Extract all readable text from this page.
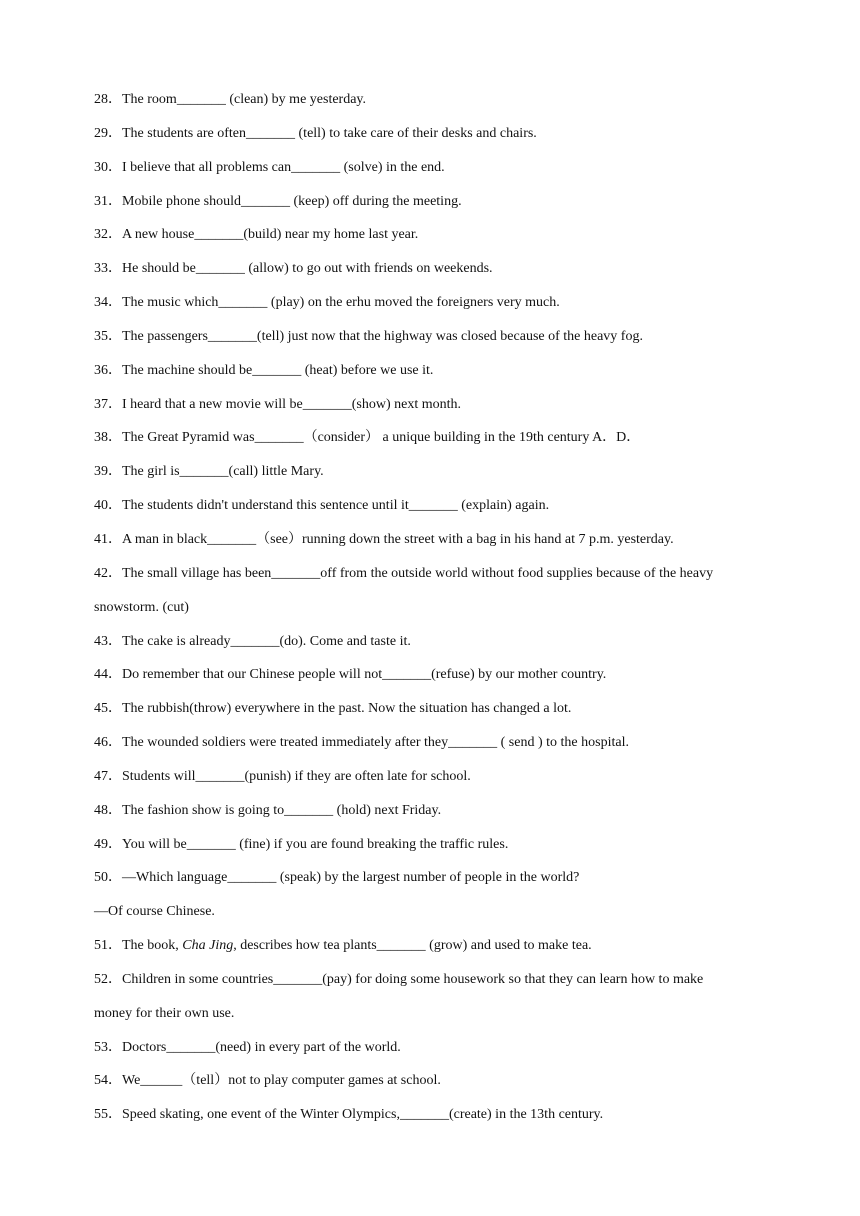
28．The room_______ (clean) by me yesterday.
29．The students are often_______ (tell) to take care of their desks and chairs.
30．I believe that all problems can_______ (solve) in the end.
31．Mobile phone should_______ (keep) off during the meeting.
32．A new house_______(build) near my home last year.
33．He should be_______ (allow) to go out with friends on weekends.
34．The music which_______ (play) on the erhu moved the foreigners very much.
35．The passengers_______(tell) just now that the highway was closed because of the heavy fog.
36．The machine should be_______ (heat) before we use it.
37．I heard that a new movie will be_______(show) next month.
38．The Great Pyramid was_______（consider） a unique building in the 19th century A．D．
39．The girl is_______(call) little Mary.
40．The students didn't understand this sentence until it_______ (explain) again.
41．A man in black_______（see）running down the street with a bag in his hand at 7 p.m. yesterday.
42．The small village has been_______off from the outside world without food supplies because of the heavy
snowstorm. (cut)
43．The cake is already_______(do). Come and taste it.
44．Do remember that our Chinese people will not_______(refuse) by our mother country.
45．The rubbish(throw) everywhere in the past. Now the situation has changed a lot.
46．The wounded soldiers were treated immediately after they_______ ( send ) to the hospital.
47．Students will_______(punish) if they are often late for school.
48．The fashion show is going to_______ (hold) next Friday.
49．You will be_______ (fine) if you are found breaking the traffic rules.
50．—Which language_______ (speak) by the largest number of people in the world?
—Of course Chinese.
51．The book, Cha Jing, describes how tea plants_______ (grow) and used to make tea.
52．Children in some countries_______(pay) for doing some housework so that they can learn how to make
money for their own use.
53．Doctors_______(need) in every part of the world.
54．We______（tell）not to play computer games at school.
55．Speed skating, one event of the Winter Olympics,_______(create) in the 13th century.
